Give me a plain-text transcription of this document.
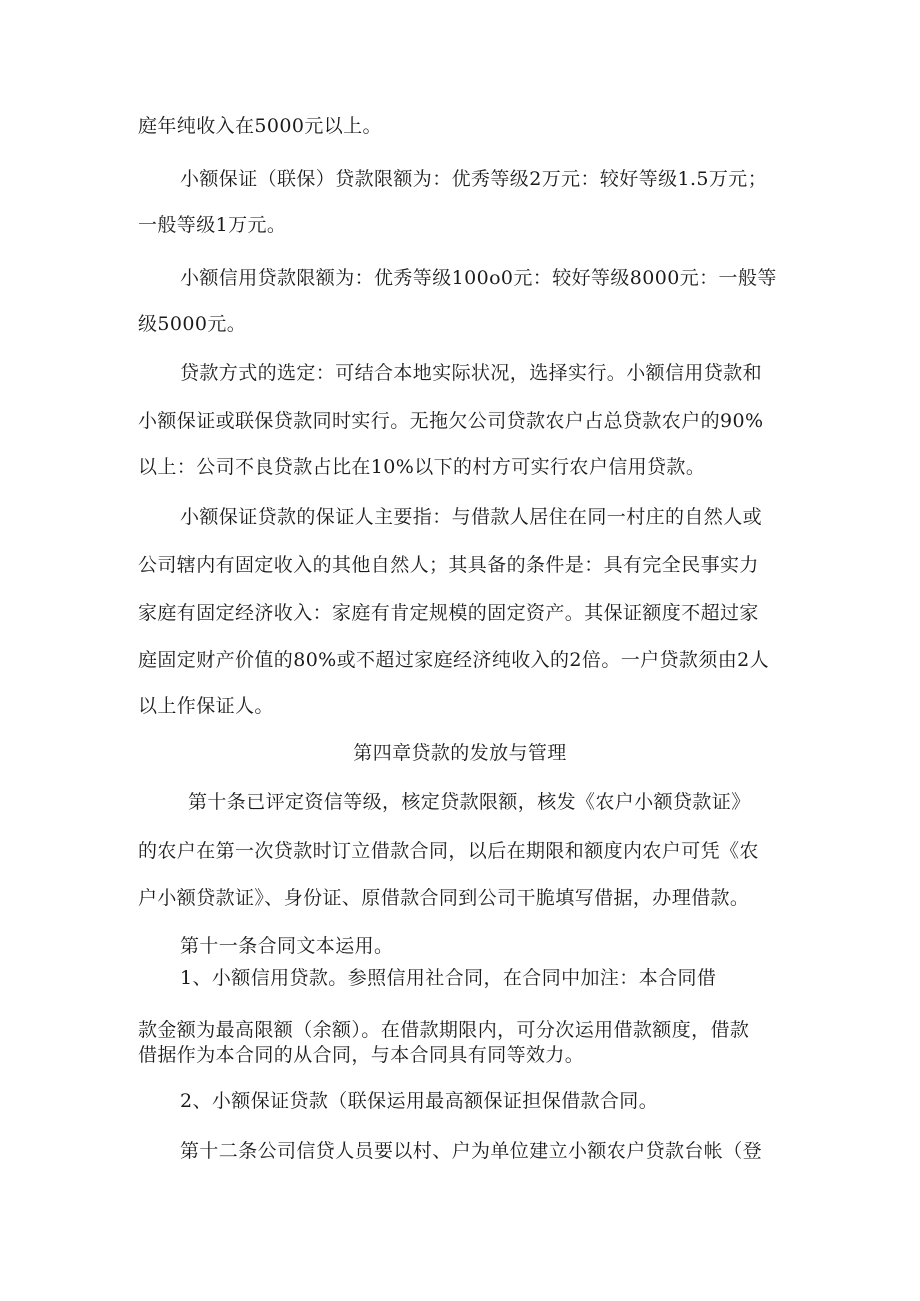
庭年纯收入在5000元以上。
小额保证（联保）贷款限额为：优秀等级2万元：较好等级1.5万元；
一般等级1万元。
小额信用贷款限额为：优秀等级100o0元：较好等级8000元：一般等
级5000元。
贷款方式的选定：可结合本地实际状况，选择实行。小额信用贷款和
小额保证或联保贷款同时实行。无拖欠公司贷款农户占总贷款农户的90%
以上：公司不良贷款占比在10%以下的村方可实行农户信用贷款。
小额保证贷款的保证人主要指：与借款人居住在同一村庄的自然人或
公司辖内有固定收入的其他自然人；其具备的条件是：具有完全民事实力
家庭有固定经济收入：家庭有肯定规模的固定资产。其保证额度不超过家
庭固定财产价值的80%或不超过家庭经济纯收入的2倍。一户贷款须由2人
以上作保证人。
第四章贷款的发放与管理
第十条已评定资信等级，核定贷款限额，核发《农户小额贷款证》
的农户在第一次贷款时订立借款合同，以后在期限和额度内农户可凭《农
户小额贷款证》、身份证、原借款合同到公司干脆填写借据，办理借款。
第十一条合同文本运用。
1、小额信用贷款。参照信用社合同，在合同中加注：本合同借
款金额为最高限额（余额）。在借款期限内，可分次运用借款额度，借款
借据作为本合同的从合同，与本合同具有同等效力。
2、小额保证贷款（联保运用最高额保证担保借款合同。
第十二条公司信贷人员要以村、户为单位建立小额农户贷款台帐（登
